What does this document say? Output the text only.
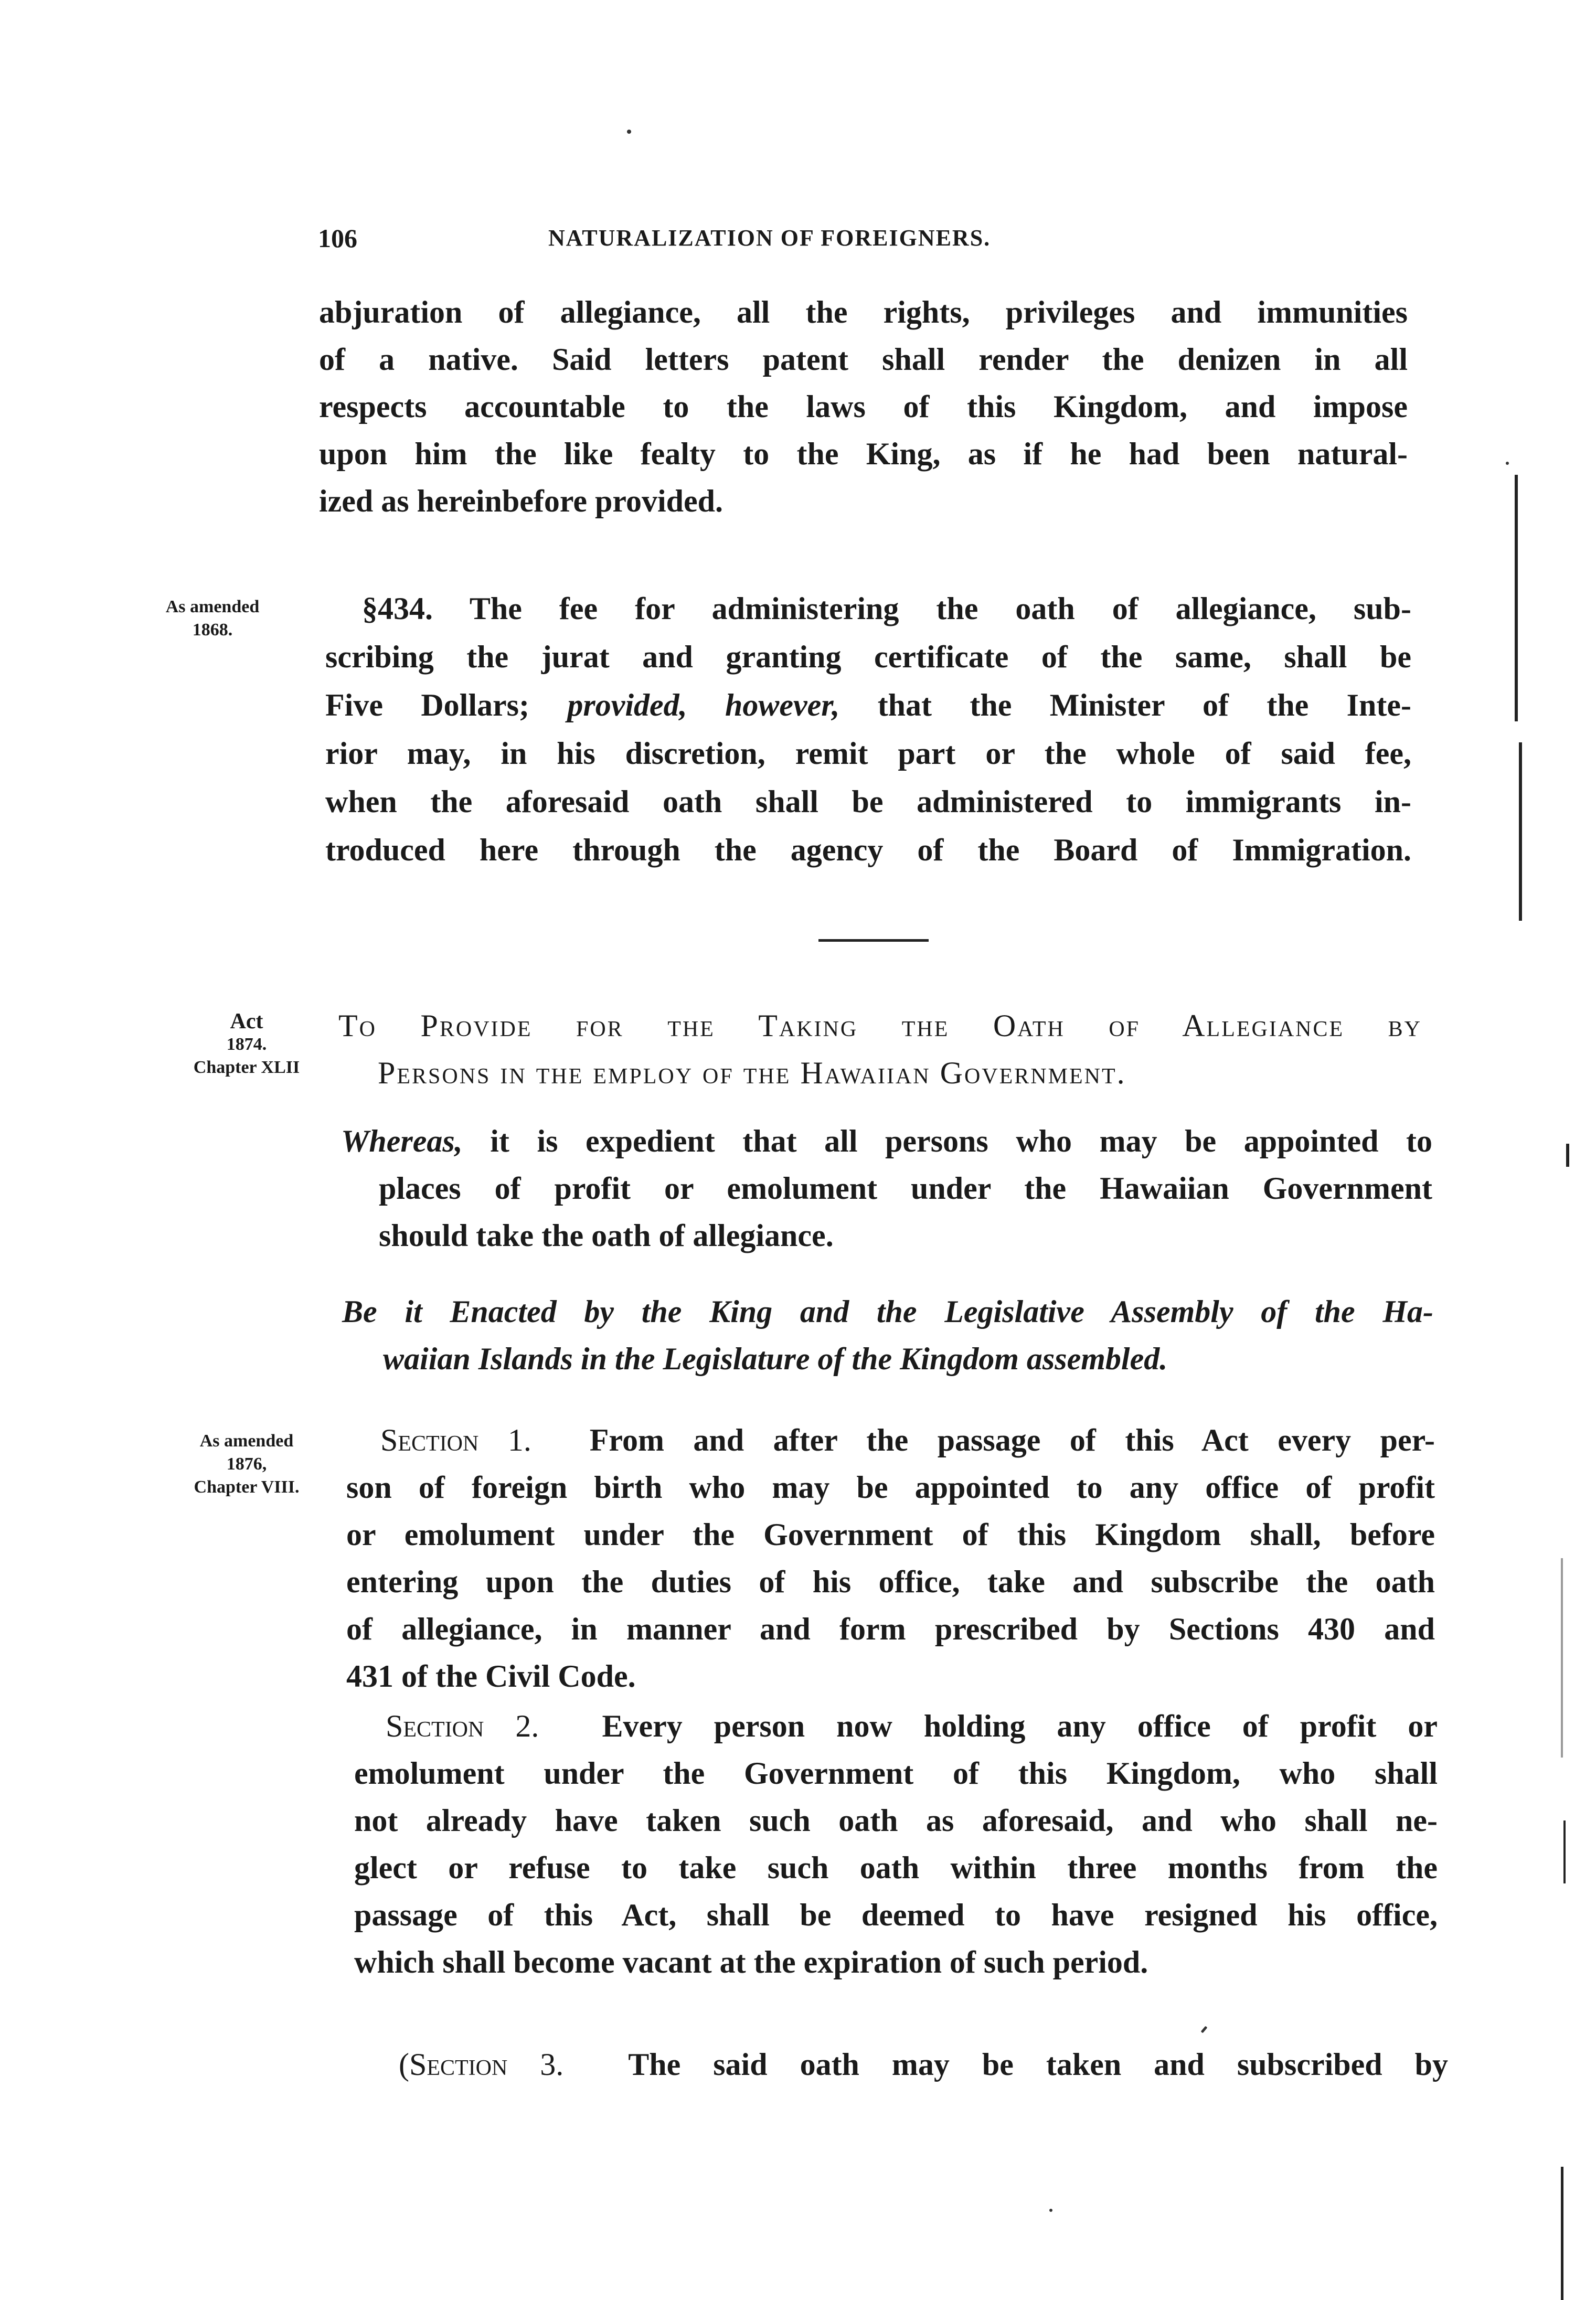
106	NATURALIZATION OF FOREIGNERS.
abjuration of allegiance, all the rights, privileges and immunities
of a native. Said letters patent shall render the denizen in all
respects accountable to the laws of this Kingdom, and impose
upon him the like fealty to the King, as if he had been natural-
ized as hereinbefore provided.
As amended
1868.
§434. The fee for administering the oath of allegiance, sub-
scribing the jurat and granting certificate of the same, shall be
Five Dollars; provided, however, that the Minister of the Inte-
rior may, in his discretion, remit part or the whole of said fee,
when the aforesaid oath shall be administered to immigrants in-
troduced here through the agency of the Board of Immigration.
Act
1874.
Chapter XLII
To Provide for the Taking the Oath of Allegiance by
Persons in the employ of the Hawaiian Government.
Whereas, it is expedient that all persons who may be appointed to
places of profit or emolument under the Hawaiian Government
should take the oath of allegiance.
Be it Enacted by the King and the Legislative Assembly of the Ha-
waiian Islands in the Legislature of the Kingdom assembled.
As amended
1876,
Chapter VIII.
Section 1.  From and after the passage of this Act every per-
son of foreign birth who may be appointed to any office of profit
or emolument under the Government of this Kingdom shall, before
entering upon the duties of his office, take and subscribe the oath
of allegiance, in manner and form prescribed by Sections 430 and
431 of the Civil Code.
Section 2.  Every person now holding any office of profit or
emolument under the Government of this Kingdom, who shall
not already have taken such oath as aforesaid, and who shall ne-
glect or refuse to take such oath within three months from the
passage of this Act, shall be deemed to have resigned his office,
which shall become vacant at the expiration of such period.
(Section 3.  The said oath may be taken and subscribed by
